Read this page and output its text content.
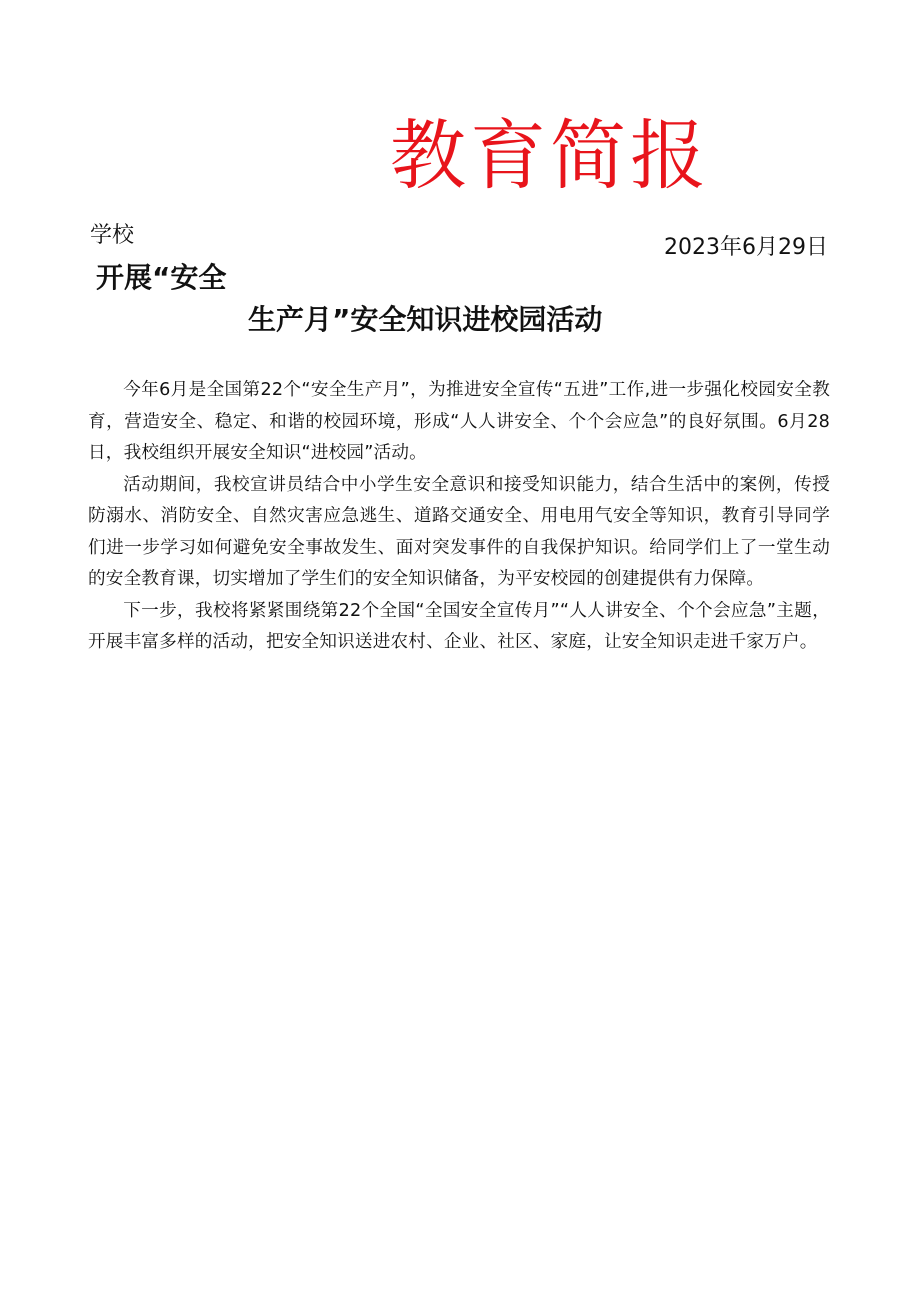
教育简报
学校	2023年6月29日
开展“安全
生产月”安全知识进校园活动

今年6月是全国第22个“安全生产月”，为推进安全宣传“五进”工作,进一步强化校园安全教育，营造安全、稳定、和谐的校园环境，形成“人人讲安全、个个会应急”的良好氛围。6月28日，我校组织开展安全知识“进校园”活动。

活动期间，我校宣讲员结合中小学生安全意识和接受知识能力，结合生活中的案例，传授防溺水、消防安全、自然灾害应急逃生、道路交通安全、用电用气安全等知识，教育引导同学们进一步学习如何避免安全事故发生、面对突发事件的自我保护知识。给同学们上了一堂生动的安全教育课，切实增加了学生们的安全知识储备，为平安校园的创建提供有力保障。

下一步，我校将紧紧围绕第22个全国“全国安全宣传月”“人人讲安全、个个会应急”主题，开展丰富多样的活动，把安全知识送进农村、企业、社区、家庭，让安全知识走进千家万户。
